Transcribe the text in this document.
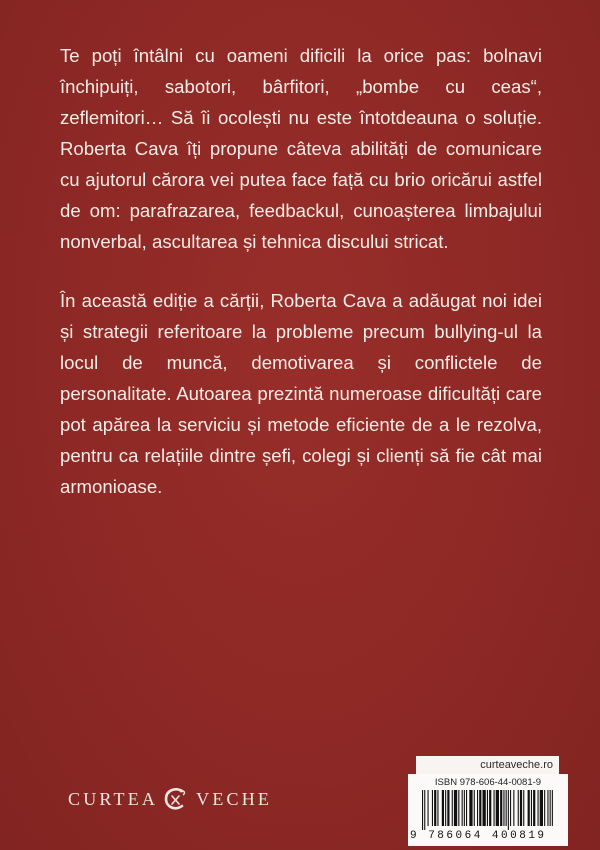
Te poți întâlni cu oameni dificili la orice pas: bolnavi închipuiți, sabotori, bârfitori, „bombe cu ceas“, zeflemitori… Să îi ocolești nu este întotdeauna o soluție. Roberta Cava îți propune câteva abilități de comunicare cu ajutorul cărora vei putea face față cu brio oricărui astfel de om: parafrazarea, feedbackul, cunoașterea limbajului nonverbal, ascultarea și tehnica discului stricat.

În această ediție a cărții, Roberta Cava a adăugat noi idei și strategii referitoare la probleme precum bullying-ul la locul de muncă, demotivarea și conflictele de personalitate. Autoarea prezintă numeroase dificultăți care pot apărea la serviciu și metode eficiente de a le rezolva, pentru ca relațiile dintre șefi, colegi și clienți să fie cât mai armonioase.

CURTEA VECHE
curteaveche.ro
ISBN 978-606-44-0081-9
9 786064 400819
